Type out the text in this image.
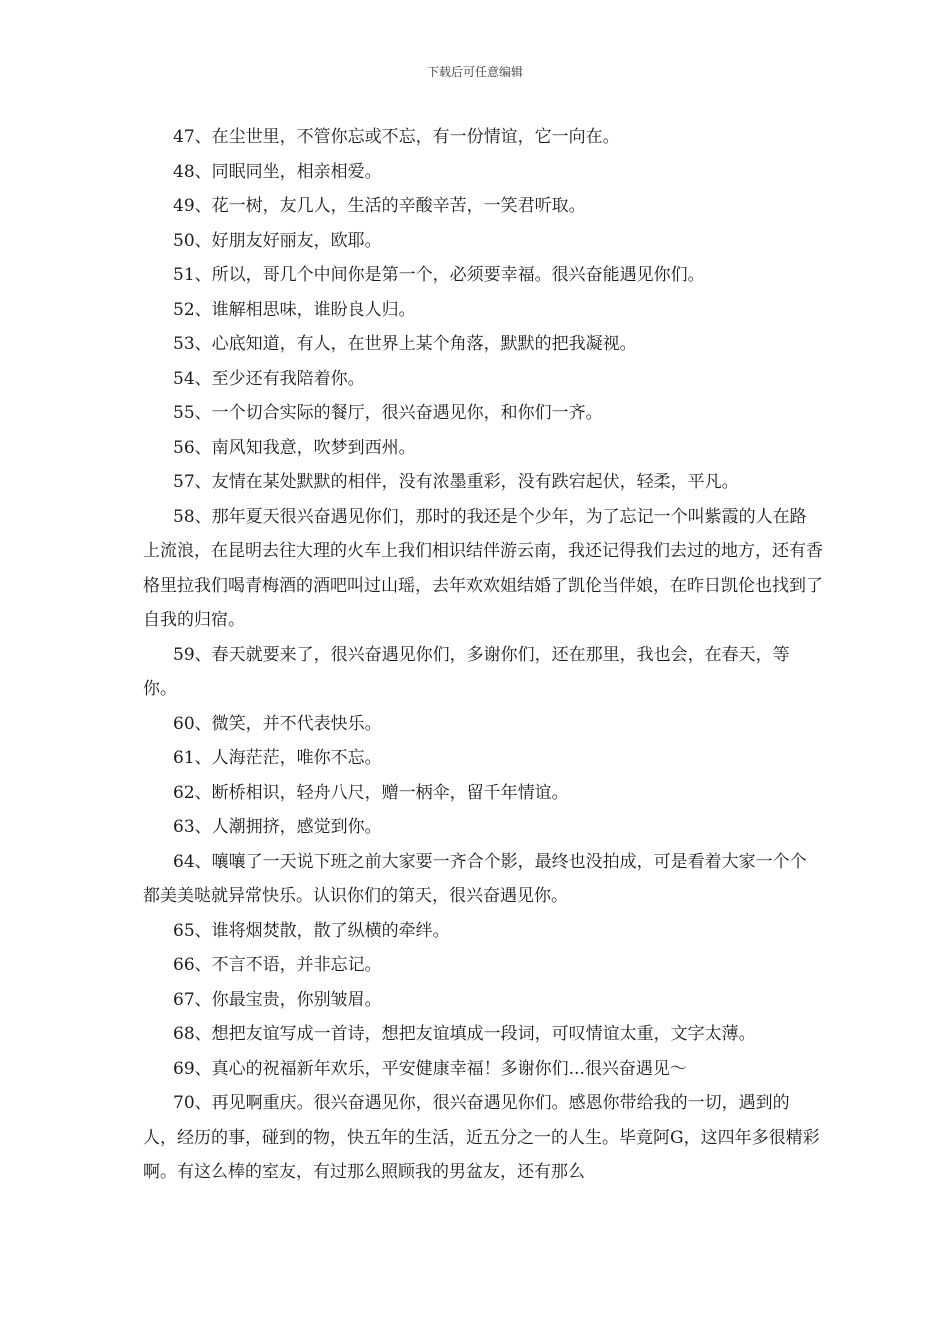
下载后可任意编辑

47、在尘世里，不管你忘或不忘，有一份情谊，它一向在。

48、同眠同坐，相亲相爱。

49、花一树，友几人，生活的辛酸辛苦，一笑君听取。

50、好朋友好丽友，欧耶。

51、所以，哥几个中间你是第一个，必须要幸福。很兴奋能遇见你们。

52、谁解相思味，谁盼良人归。

53、心底知道，有人，在世界上某个角落，默默的把我凝视。

54、至少还有我陪着你。

55、一个切合实际的餐厅，很兴奋遇见你，和你们一齐。

56、南风知我意，吹梦到西州。

57、友情在某处默默的相伴，没有浓墨重彩，没有跌宕起伏，轻柔，平凡。

58、那年夏天很兴奋遇见你们，那时的我还是个少年，为了忘记一个叫紫霞的人在路上流浪，在昆明去往大理的火车上我们相识结伴游云南，我还记得我们去过的地方，还有香格里拉我们喝青梅酒的酒吧叫过山瑶，去年欢欢姐结婚了凯伦当伴娘，在昨日凯伦也找到了自我的归宿。

59、春天就要来了，很兴奋遇见你们，多谢你们，还在那里，我也会，在春天，等你。

60、微笑，并不代表快乐。

61、人海茫茫，唯你不忘。

62、断桥相识，轻舟八尺，赠一柄伞，留千年情谊。

63、人潮拥挤，感觉到你。

64、嚷嚷了一天说下班之前大家要一齐合个影，最终也没拍成，可是看着大家一个个都美美哒就异常快乐。认识你们的第天，很兴奋遇见你。

65、谁将烟焚散，散了纵横的牵绊。

66、不言不语，并非忘记。

67、你最宝贵，你别皱眉。

68、想把友谊写成一首诗，想把友谊填成一段词，可叹情谊太重，文字太薄。

69、真心的祝福新年欢乐，平安健康幸福！多谢你们...很兴奋遇见～

70、再见啊重庆。很兴奋遇见你，很兴奋遇见你们。感恩你带给我的一切，遇到的人，经历的事，碰到的物，快五年的生活，近五分之一的人生。毕竟阿G，这四年多很精彩啊。有这么棒的室友，有过那么照顾我的男盆友，还有那么
